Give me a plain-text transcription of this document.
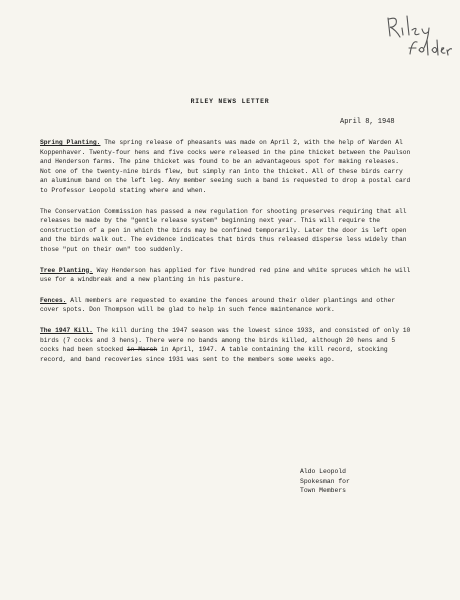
RILEY NEWS LETTER
April 8, 1948

Spring Planting. The spring release of pheasants was made on April 2, with the help of Warden Al Koppenhaver. Twenty-four hens and five cocks were released in the pine thicket between the Paulson and Henderson farms. The pine thicket was found to be an advantageous spot for making releases. Not one of the twenty-nine birds flew, but simply ran into the thicket. All of these birds carry an aluminum band on the left leg. Any member seeing such a band is requested to drop a postal card to Professor Leopold stating where and when.

The Conservation Commission has passed a new regulation for shooting preserves requiring that all releases be made by the "gentle release system" beginning next year. This will require the construction of a pen in which the birds may be confined temporarily. Later the door is left open and the birds walk out. The evidence indicates that birds thus released disperse less widely than those "put on their own" too suddenly.

Tree Planting. Way Henderson has applied for five hundred red pine and white spruces which he will use for a windbreak and a new planting in his pasture.

Fences. All members are requested to examine the fences around their older plantings and other cover spots. Don Thompson will be glad to help in such fence maintenance work.

The 1947 Kill. The kill during the 1947 season was the lowest since 1933, and consisted of only 10 birds (7 cocks and 3 hens). There were no bands among the birds killed, although 20 hens and 5 cocks had been stocked in March in April, 1947. A table containing the kill record, stocking record, and band recoveries since 1931 was sent to the members some weeks ago.

Aldo Leopold
Spokesman for
Town Members
